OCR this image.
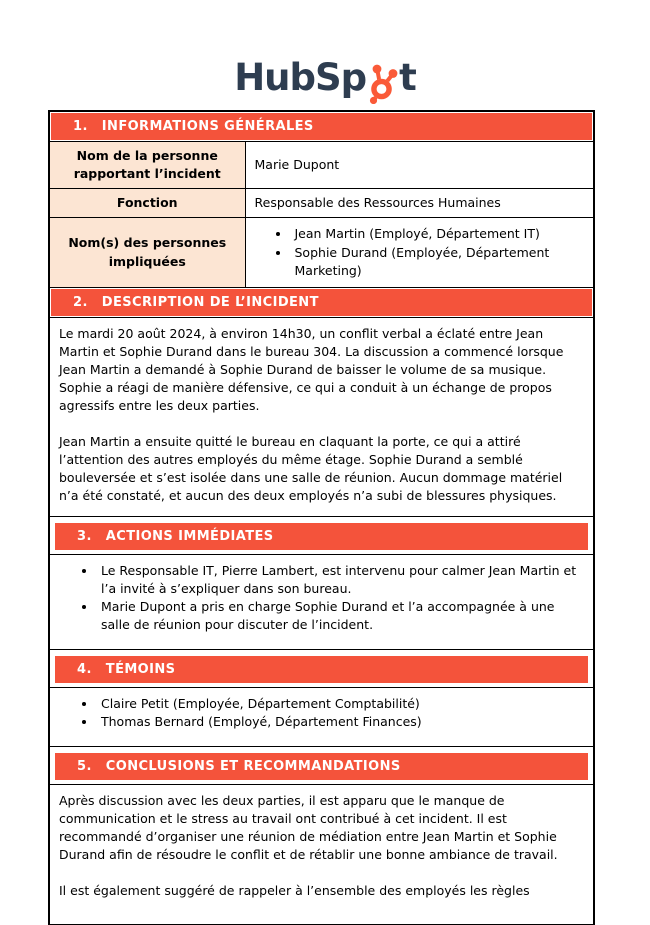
HubSp t
1. INFORMATIONS GÉNÉRALES
Nom de la personne rapportant l’incident
Marie Dupont
Fonction	Responsable des Ressources Humaines
Nom(s) des personnes impliquées
• Jean Martin (Employé, Département IT)
• Sophie Durand (Employée, Département Marketing)
2. DESCRIPTION DE L’INCIDENT

Le mardi 20 août 2024, à environ 14h30, un conflit verbal a éclaté entre Jean Martin et Sophie Durand dans le bureau 304. La discussion a commencé lorsque Jean Martin a demandé à Sophie Durand de baisser le volume de sa musique. Sophie a réagi de manière défensive, ce qui a conduit à un échange de propos agressifs entre les deux parties.

Jean Martin a ensuite quitté le bureau en claquant la porte, ce qui a attiré l’attention des autres employés du même étage. Sophie Durand a semblé bouleversée et s’est isolée dans une salle de réunion. Aucun dommage matériel n’a été constaté, et aucun des deux employés n’a subi de blessures physiques.

3. ACTIONS IMMÉDIATES
• Le Responsable IT, Pierre Lambert, est intervenu pour calmer Jean Martin et l’a invité à s’expliquer dans son bureau.
• Marie Dupont a pris en charge Sophie Durand et l’a accompagnée à une salle de réunion pour discuter de l’incident.
4. TÉMOINS
• Claire Petit (Employée, Département Comptabilité)
• Thomas Bernard (Employé, Département Finances)
5. CONCLUSIONS ET RECOMMANDATIONS

Après discussion avec les deux parties, il est apparu que le manque de communication et le stress au travail ont contribué à cet incident. Il est recommandé d’organiser une réunion de médiation entre Jean Martin et Sophie Durand afin de résoudre le conflit et de rétablir une bonne ambiance de travail.

Il est également suggéré de rappeler à l’ensemble des employés les règles
